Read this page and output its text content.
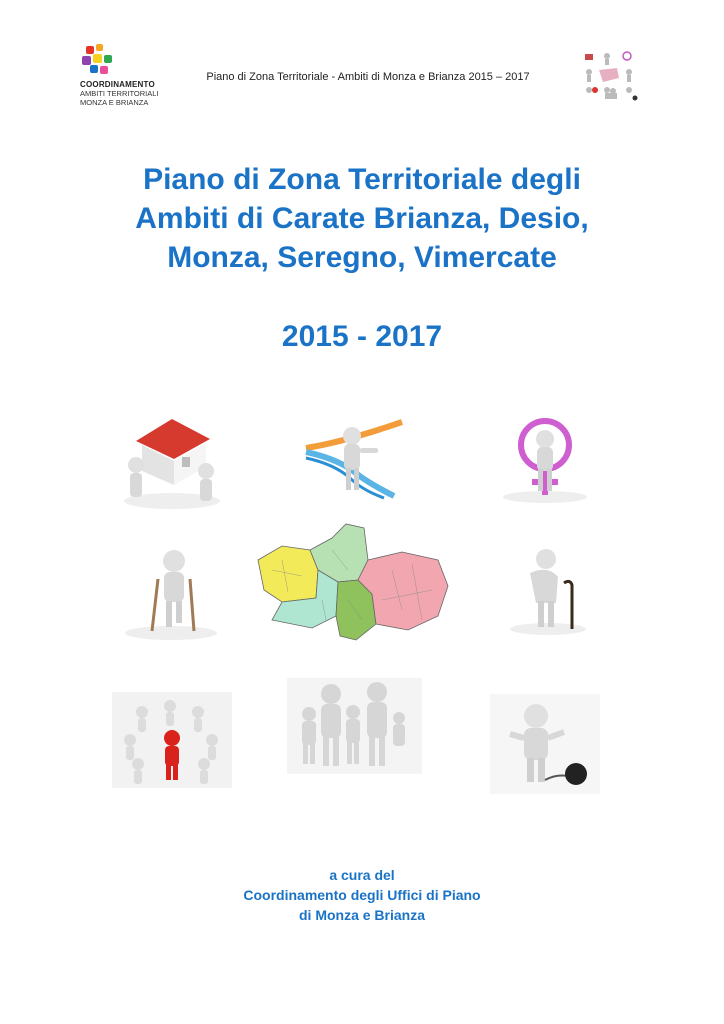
COORDINAMENTO
AMBITI TERRITORIALI
MONZA E BRIANZA
Piano di Zona Territoriale - Ambiti di Monza e Brianza 2015 – 2017
Piano di Zona Territoriale degli
Ambiti di Carate Brianza, Desio,
Monza, Seregno, Vimercate
2015 - 2017
a cura del
Coordinamento degli Uffici di Piano
di Monza e Brianza
